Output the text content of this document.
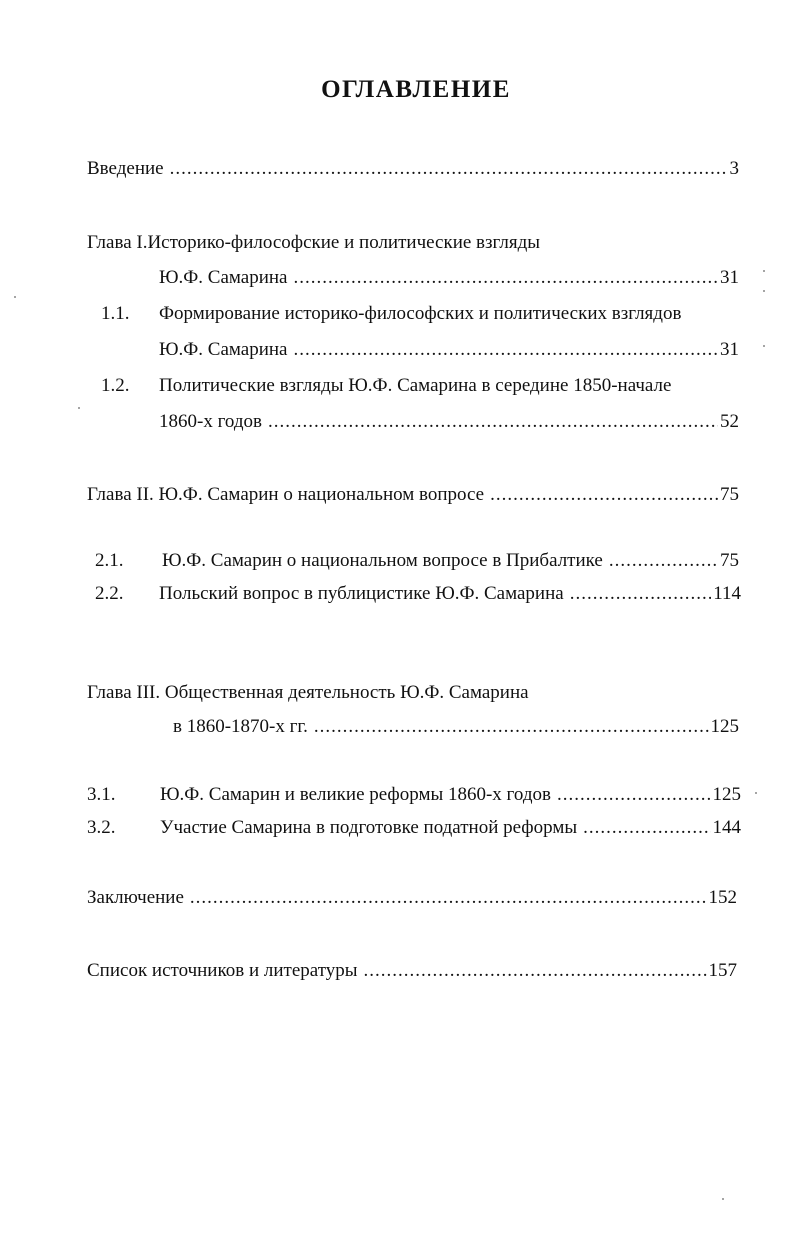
ОГЛАВЛЕНИЕ
Введение .....	3
Глава I.Историко-философские и политические взгляды
Ю.Ф. Самарина .....	31
1.1. Формирование историко-философских и политических взглядов
Ю.Ф. Самарина .....	31
1.2. Политические взгляды Ю.Ф. Самарина в середине 1850-начале
1860-х годов .....	52
Глава II. Ю.Ф. Самарин о национальном вопросе .....	75
2.1. Ю.Ф. Самарин о национальном вопросе в Прибалтике .....	75
2.2. Польский вопрос в публицистике Ю.Ф. Самарина .....	114
Глава III. Общественная деятельность Ю.Ф. Самарина
в 1860-1870-х гг. .....	125
3.1. Ю.Ф. Самарин и великие реформы 1860-х годов .....	125
3.2. Участие Самарина в подготовке податной реформы .....	144
Заключение .....	152
Список источников и литературы .....	157
